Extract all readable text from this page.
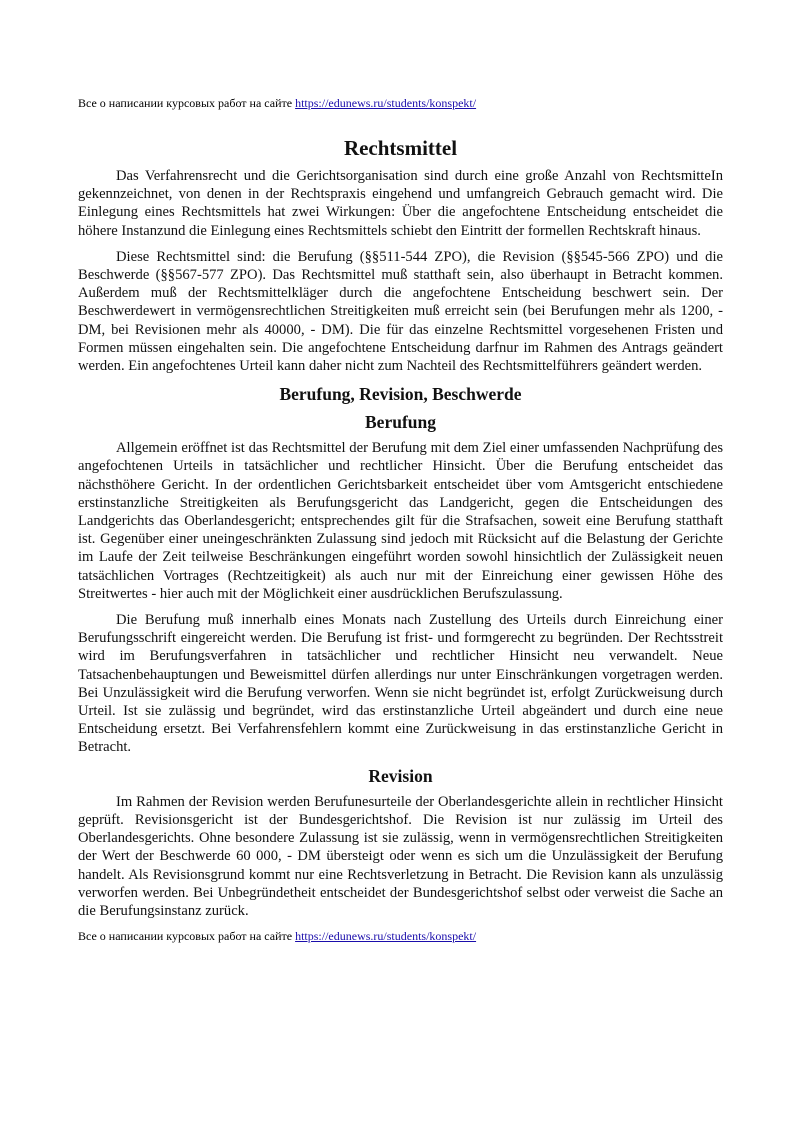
Все о написании курсовых работ на сайте https://edunews.ru/students/konspekt/
Rechtsmittel

Das Verfahrensrecht und die Gerichtsorganisation sind durch eine große Anzahl von RechtsmitteIn gekennzeichnet, von denen in der Rechtspraxis eingehend und umfangreich Gebrauch gemacht wird. Die Einlegung eines Rechtsmittels hat zwei Wirkungen: Über die angefochtene Entscheidung entscheidet die höhere Instanzund die Einlegung eines Rechtsmittels schiebt den Eintritt der formellen Rechtskraft hinaus.

Diese Rechtsmittel sind: die Berufung (§§511-544 ZPO), die Revision (§§545-566 ZPO) und die Beschwerde (§§567-577 ZPO). Das Rechtsmittel muß statthaft sein, also überhaupt in Betracht kommen. Außerdem muß der Rechtsmittelkläger durch die angefochtene Entscheidung beschwert sein. Der Beschwerdewert in vermögensrechtlichen Streitigkeiten muß erreicht sein (bei Berufungen mehr als 1200, - DM, bei Revisionen mehr als 40000, - DM). Die für das einzelne Rechtsmittel vorgesehenen Fristen und Formen müssen eingehalten sein. Die angefochtene Entscheidung darfnur im Rahmen des Antrags geändert werden. Ein angefochtenes Urteil kann daher nicht zum Nachteil des Rechtsmittelführers geändert werden.

Berufung, Revision, Beschwerde
Berufung

Allgemein eröffnet ist das Rechtsmittel der Berufung mit dem Ziel einer umfassenden Nachprüfung des angefochtenen Urteils in tatsächlicher und rechtlicher Hinsicht. Über die Berufung entscheidet das nächsthöhere Gericht. In der ordentlichen Gerichtsbarkeit entscheidet über vom Amtsgericht entschiedene erstinstanzliche Streitigkeiten als Berufungsgericht das Landgericht, gegen die Entscheidungen des Landgerichts das Oberlandesgericht; entsprechendes gilt für die Strafsachen, soweit eine Berufung statthaft ist. Gegenüber einer uneingeschränkten Zulassung sind jedoch mit Rücksicht auf die Belastung der Gerichte im Laufe der Zeit teilweise Beschränkungen eingeführt worden sowohl hinsichtlich der Zulässigkeit neuen tatsächlichen Vortrages (Rechtzeitigkeit) als auch nur mit der Einreichung einer gewissen Höhe des Streitwertes - hier auch mit der Möglichkeit einer ausdrücklichen Berufszulassung.

Die Berufung muß innerhalb eines Monats nach Zustellung des Urteils durch Einreichung einer Berufungsschrift eingereicht werden. Die Berufung ist frist- und formgerecht zu begründen. Der Rechtsstreit wird im Berufungsverfahren in tatsächlicher und rechtlicher Hinsicht neu verwandelt. Neue Tatsachenbehauptungen und Beweismittel dürfen allerdings nur unter Einschränkungen vorgetragen werden. Bei Unzulässigkeit wird die Berufung verworfen. Wenn sie nicht begründet ist, erfolgt Zurückweisung durch Urteil. Ist sie zulässig und begründet, wird das erstinstanzliche Urteil abgeändert und durch eine neue Entscheidung ersetzt. Bei Verfahrensfehlern kommt eine Zurückweisung in das erstinstanzliche Gericht in Betracht.

Revision

Im Rahmen der Revision werden Berufunesurteile der Oberlandesgerichte allein in rechtlicher Hinsicht geprüft. Revisionsgericht ist der Bundesgerichtshof. Die Revision ist nur zulässig im Urteil des Oberlandesgerichts. Ohne besondere Zulassung ist sie zulässig, wenn in vermögensrechtlichen Streitigkeiten der Wert der Beschwerde 60 000, - DM übersteigt oder wenn es sich um die Unzulässigkeit der Berufung handelt. Als Revisionsgrund kommt nur eine Rechtsverletzung in Betracht. Die Revision kann als unzulässig verworfen werden. Bei Unbegründetheit entscheidet der Bundesgerichtshof selbst oder verweist die Sache an die Berufungsinstanz zurück.

Все о написании курсовых работ на сайте https://edunews.ru/students/konspekt/
